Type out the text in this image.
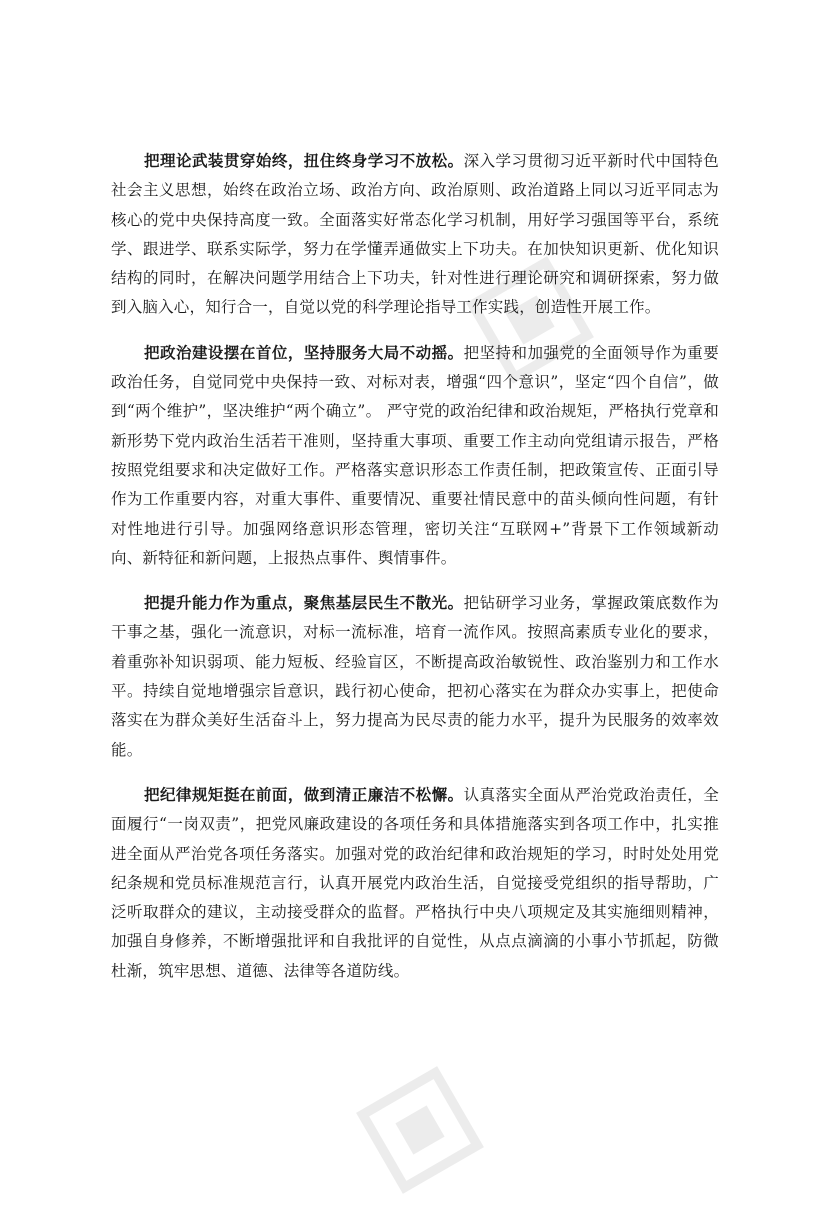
把理论武装贯穿始终，扭住终身学习不放松。深入学习贯彻习近平新时代中国特色社会主义思想，始终在政治立场、政治方向、政治原则、政治道路上同以习近平同志为核心的党中央保持高度一致。全面落实好常态化学习机制，用好学习强国等平台，系统学、跟进学、联系实际学，努力在学懂弄通做实上下功夫。在加快知识更新、优化知识结构的同时，在解决问题学用结合上下功夫，针对性进行理论研究和调研探索，努力做到入脑入心，知行合一，自觉以党的科学理论指导工作实践，创造性开展工作。

把政治建设摆在首位，坚持服务大局不动摇。把坚持和加强党的全面领导作为重要政治任务，自觉同党中央保持一致、对标对表，增强“四个意识”，坚定“四个自信”，做到“两个维护”，坚决维护“两个确立”。 严守党的政治纪律和政治规矩，严格执行党章和新形势下党内政治生活若干准则，坚持重大事项、重要工作主动向党组请示报告，严格按照党组要求和决定做好工作。严格落实意识形态工作责任制，把政策宣传、正面引导作为工作重要内容，对重大事件、重要情况、重要社情民意中的苗头倾向性问题，有针对性地进行引导。加强网络意识形态管理，密切关注“互联网+”背景下工作领域新动向、新特征和新问题，上报热点事件、舆情事件。

把提升能力作为重点，聚焦基层民生不散光。把钻研学习业务，掌握政策底数作为干事之基，强化一流意识，对标一流标准，培育一流作风。按照高素质专业化的要求，着重弥补知识弱项、能力短板、经验盲区，不断提高政治敏锐性、政治鉴别力和工作水平。持续自觉地增强宗旨意识，践行初心使命，把初心落实在为群众办实事上，把使命落实在为群众美好生活奋斗上，努力提高为民尽责的能力水平，提升为民服务的效率效能。

把纪律规矩挺在前面，做到清正廉洁不松懈。认真落实全面从严治党政治责任，全面履行“一岗双责”，把党风廉政建设的各项任务和具体措施落实到各项工作中，扎实推进全面从严治党各项任务落实。加强对党的政治纪律和政治规矩的学习，时时处处用党纪条规和党员标准规范言行，认真开展党内政治生活，自觉接受党组织的指导帮助，广泛听取群众的建议，主动接受群众的监督。严格执行中央八项规定及其实施细则精神，加强自身修养，不断增强批评和自我批评的自觉性，从点点滴滴的小事小节抓起，防微杜渐，筑牢思想、道德、法律等各道防线。
